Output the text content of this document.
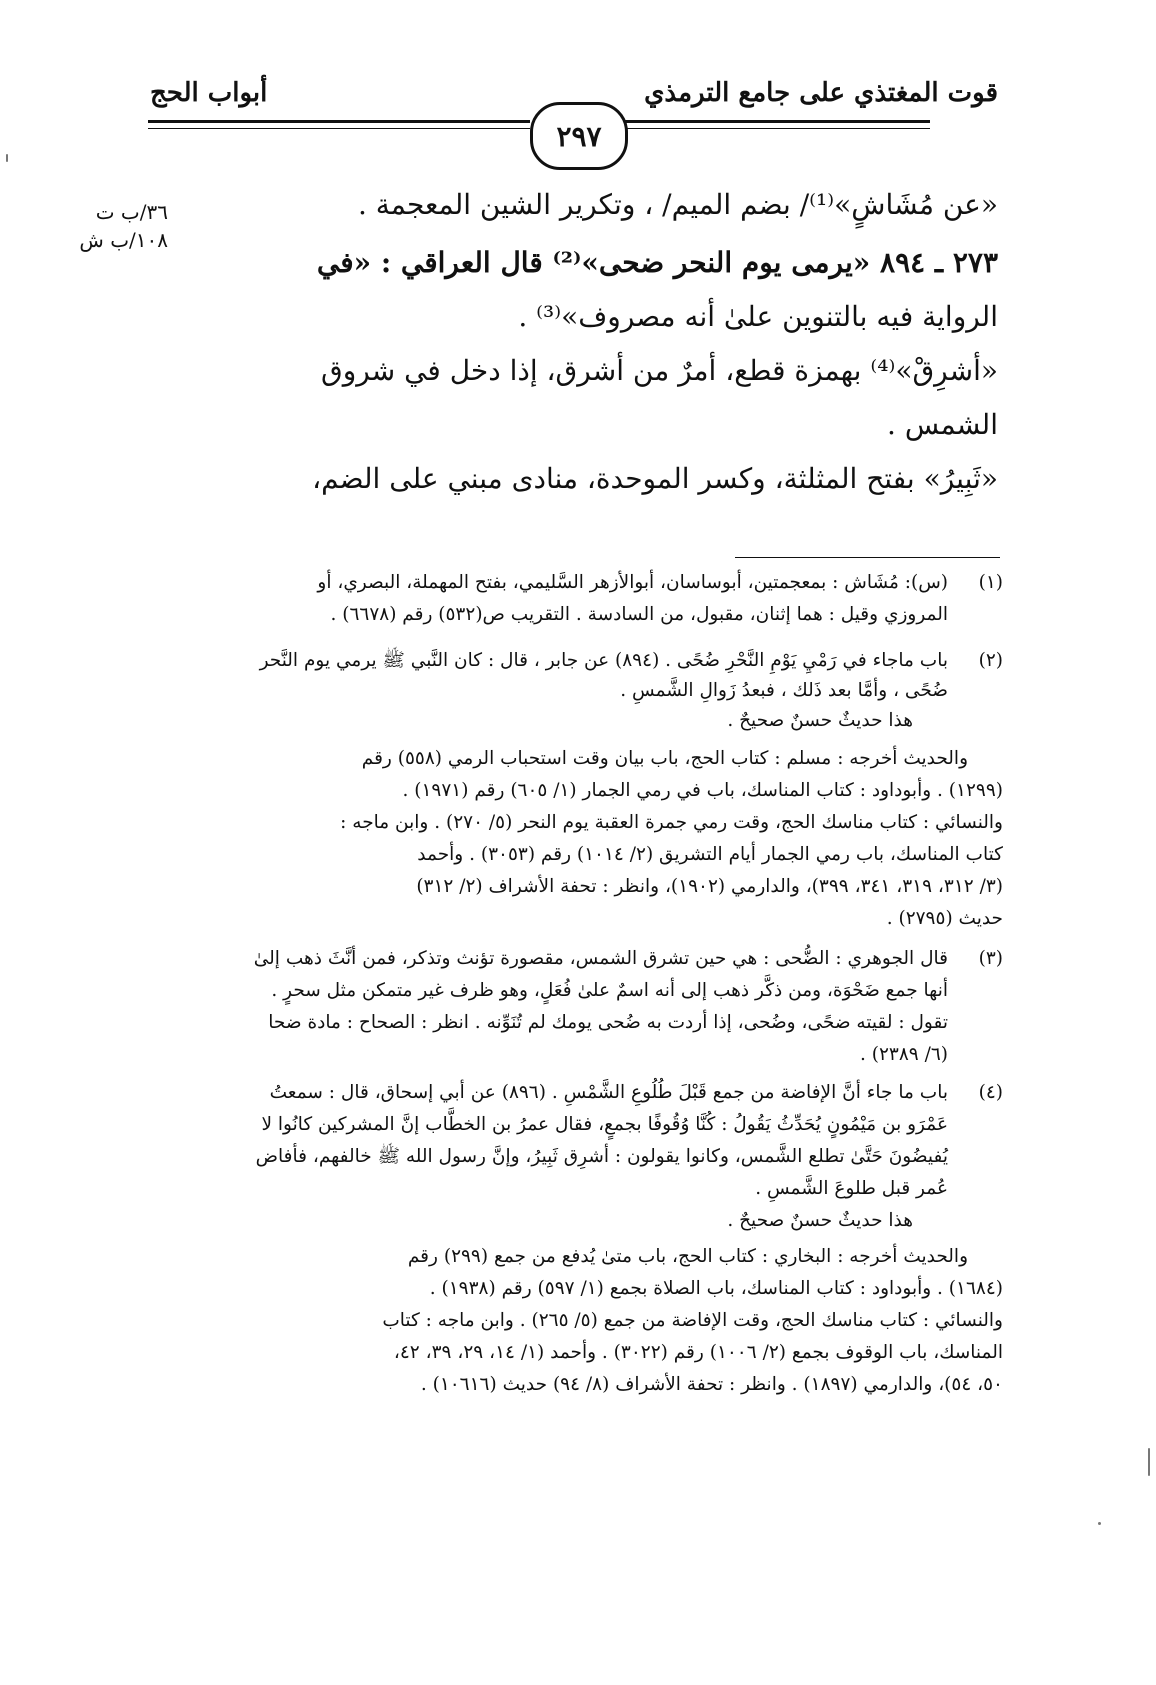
قوت المغتذي على جامع الترمذي
أبواب الحج
٢٩٧
٣٦/ب ت
١٠٨/ب ش
«عن مُشَاشٍ»⁽¹⁾/ بضم الميم/ ، وتكرير الشين المعجمة .
٢٧٣ ـ ٨٩٤ «يرمى يوم النحر ضحى»⁽²⁾ قال العراقي : «في
الرواية فيه بالتنوين علىٰ أنه مصروف»⁽³⁾ .
«أشرِقْ»⁽⁴⁾ بهمزة قطع، أمرٌ من أشرق، إذا دخل في شروق
الشمس .
«ثَبِيرُ» بفتح المثلثة، وكسر الموحدة، منادى مبني على الضم،
(١)
(س): مُشَاش : بمعجمتين، أبوساسان، أبوالأزهر السَّليمي، بفتح المهملة، البصري، أو
المروزي وقيل : هما إثنان، مقبول، من السادسة . التقريب ص(٥٣٢) رقم (٦٦٧٨) .
(٢)
باب ماجاء في رَمْيِ يَوْمِ النَّحْرِ ضُحًى . (٨٩٤) عن جابر ، قال : كان النَّبي ﷺ يرمي يوم النَّحر
ضُحًى ، وأمَّا بعد ذَلك ، فبعدُ زَوالِ الشَّمسِ .
هذا حديثٌ حسنٌ صحيحٌ .
والحديث أخرجه : مسلم : كتاب الحج، باب بيان وقت استحباب الرمي (٥٥٨) رقم
(١٢٩٩) . وأبوداود : كتاب المناسك، باب في رمي الجمار (١/ ٦٠٥) رقم (١٩٧١) .
والنسائي : كتاب مناسك الحج، وقت رمي جمرة العقبة يوم النحر (٥/ ٢٧٠) . وابن ماجه :
كتاب المناسك، باب رمي الجمار أيام التشريق (٢/ ١٠١٤) رقم (٣٠٥٣) . وأحمد
(٣/ ٣١٢، ٣١٩، ٣٤١، ٣٩٩)، والدارمي (١٩٠٢)، وانظر : تحفة الأشراف (٢/ ٣١٢)
حديث (٢٧٩٥) .
(٣)
قال الجوهري : الضُّحى : هي حين تشرق الشمس، مقصورة تؤنث وتذكر، فمن أنَّثَ ذهب إلىٰ
أنها جمع ضَحْوَة، ومن ذكَّر ذهب إلى أنه اسمٌ علىٰ فُعَلٍ، وهو ظرف غير متمكن مثل سحرٍ .
تقول : لقيته ضحًى، وضُحى، إذا أردت به ضُحى يومك لم تُنَوِّنه . انظر : الصحاح : مادة ضحا
(٦/ ٢٣٨٩) .
(٤)
باب ما جاء أنَّ الإفاضة من جمع قَبْلَ طُلُوعِ الشَّمْسِ . (٨٩٦) عن أبي إسحاق، قال : سمعتُ
عَمْرَو بن مَيْمُونٍ يُحَدِّثُ يَقُولُ : كُنَّا وُقُوفًا بجمعٍ، فقال عمرُ بن الخطَّاب إنَّ المشركين كانُوا لا
يُفيضُونَ حَتَّىٰ تطلع الشَّمس، وكانوا يقولون : أشرِق ثَبِيرُ، وإنَّ رسول الله ﷺ خالفهم، فأفاض
عُمر قبل طلوعَ الشَّمسِ .
هذا حديثٌ حسنٌ صحيحٌ .
والحديث أخرجه : البخاري : كتاب الحج، باب متىٰ يُدفع من جمع (٢٩٩) رقم
(١٦٨٤) . وأبوداود : كتاب المناسك، باب الصلاة بجمع (١/ ٥٩٧) رقم (١٩٣٨) .
والنسائي : كتاب مناسك الحج، وقت الإفاضة من جمع (٥/ ٢٦٥) . وابن ماجه : كتاب
المناسك، باب الوقوف بجمع (٢/ ١٠٠٦) رقم (٣٠٢٢) . وأحمد (١/ ١٤، ٢٩، ٣٩، ٤٢،
٥٠، ٥٤)، والدارمي (١٨٩٧) . وانظر : تحفة الأشراف (٨/ ٩٤) حديث (١٠٦١٦) .
